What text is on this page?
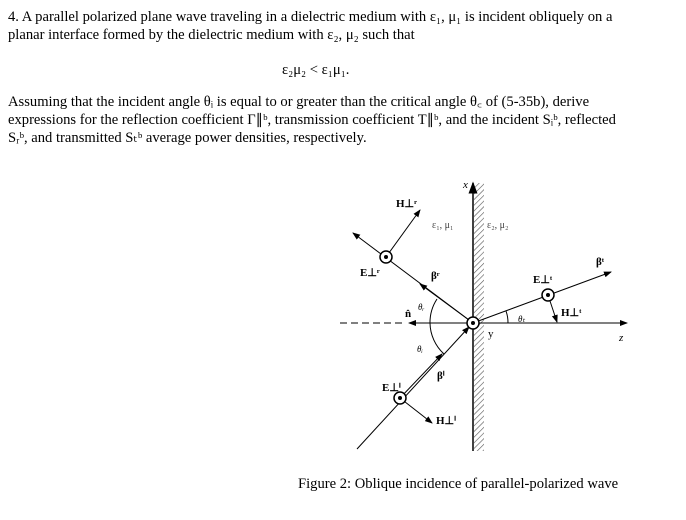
4. A parallel polarized plane wave traveling in a dielectric medium with ε₁, μ₁ is incident obliquely on a
planar interface formed by the dielectric medium with ε₂, μ₂ such that
ε₂μ₂ < ε₁μ₁.
Assuming that the incident angle θᵢ is equal to or greater than the critical angle θ꜀ of (5-35b), derive
expressions for the reflection coefficient Γ∥ᵇ, transmission coefficient T∥ᵇ, and the incident Sᵢᵇ, reflected
Sᵣᵇ, and transmitted Sₜᵇ average power densities, respectively.
x
z
y
ε₁, μ₁	ε₂, μ₂
n̂
H⊥ʳ
E⊥ʳ	βʳ	E⊥ᵗ
H⊥ᵗ
βᵗ
E⊥ⁱ
H⊥ⁱ
βⁱ
θᵣ
θᵢ
θₜ
Figure 2: Oblique incidence of parallel-polarized wave
